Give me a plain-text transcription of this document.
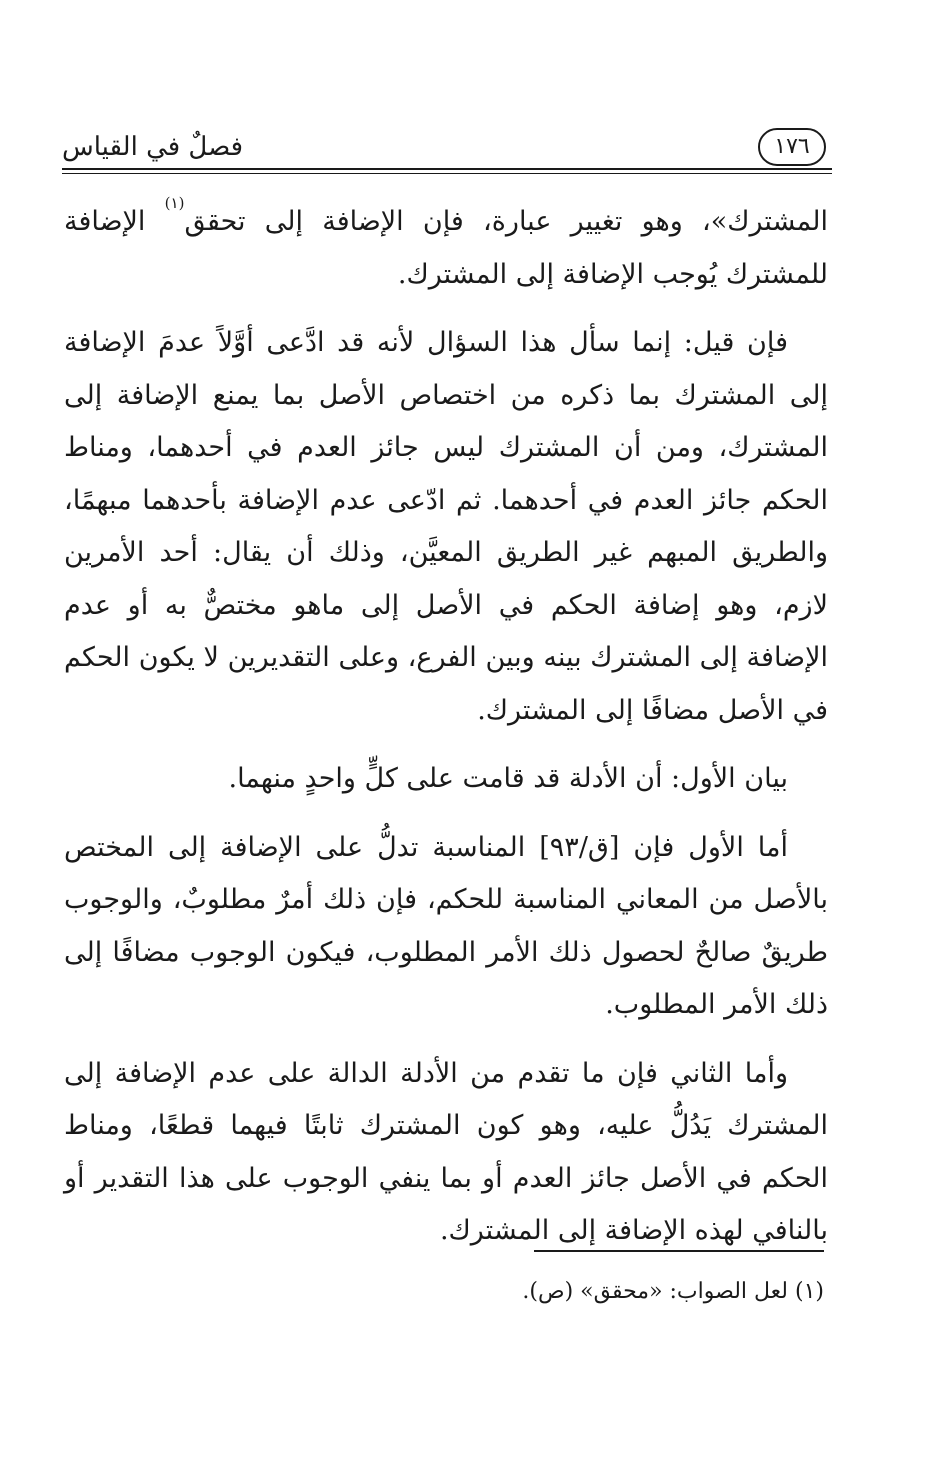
فصلٌ في القياس	١٧٦

المشترك»، وهو تغيير عبارة، فإن الإضافة إلى تحقق$^{(١)}$ الإضافة للمشترك يُوجب الإضافة إلى المشترك.

فإن قيل: إنما سأل هذا السؤال لأنه قد ادَّعى أوَّلاً عدمَ الإضافة إلى المشترك بما ذكره من اختصاص الأصل بما يمنع الإضافة إلى المشترك، ومن أن المشترك ليس جائز العدم في أحدهما، ومناط الحكم جائز العدم في أحدهما. ثم ادّعى عدم الإضافة بأحدهما مبهمًا، والطريق المبهم غير الطريق المعيَّن، وذلك أن يقال: أحد الأمرين لازم، وهو إضافة الحكم في الأصل إلى ماهو مختصٌّ به أو عدم الإضافة إلى المشترك بينه وبين الفرع، وعلى التقديرين لا يكون الحكم في الأصل مضافًا إلى المشترك.

بيان الأول: أن الأدلة قد قامت على كلٍّ واحدٍ منهما.

أما الأول فإن [ق/٩٣] المناسبة تدلُّ على الإضافة إلى المختص بالأصل من المعاني المناسبة للحكم، فإن ذلك أمرٌ مطلوبٌ، والوجوب طريقٌ صالحٌ لحصول ذلك الأمر المطلوب، فيكون الوجوب مضافًا إلى ذلك الأمر المطلوب.

وأما الثاني فإن ما تقدم من الأدلة الدالة على عدم الإضافة إلى المشترك يَدُلُّ عليه، وهو كون المشترك ثابتًا فيهما قطعًا، ومناط الحكم في الأصل جائز العدم أو بما ينفي الوجوب على هذا التقدير أو بالنافي لهذه الإضافة إلى المشترك.

(١) لعل الصواب: «محقق» (ص).
